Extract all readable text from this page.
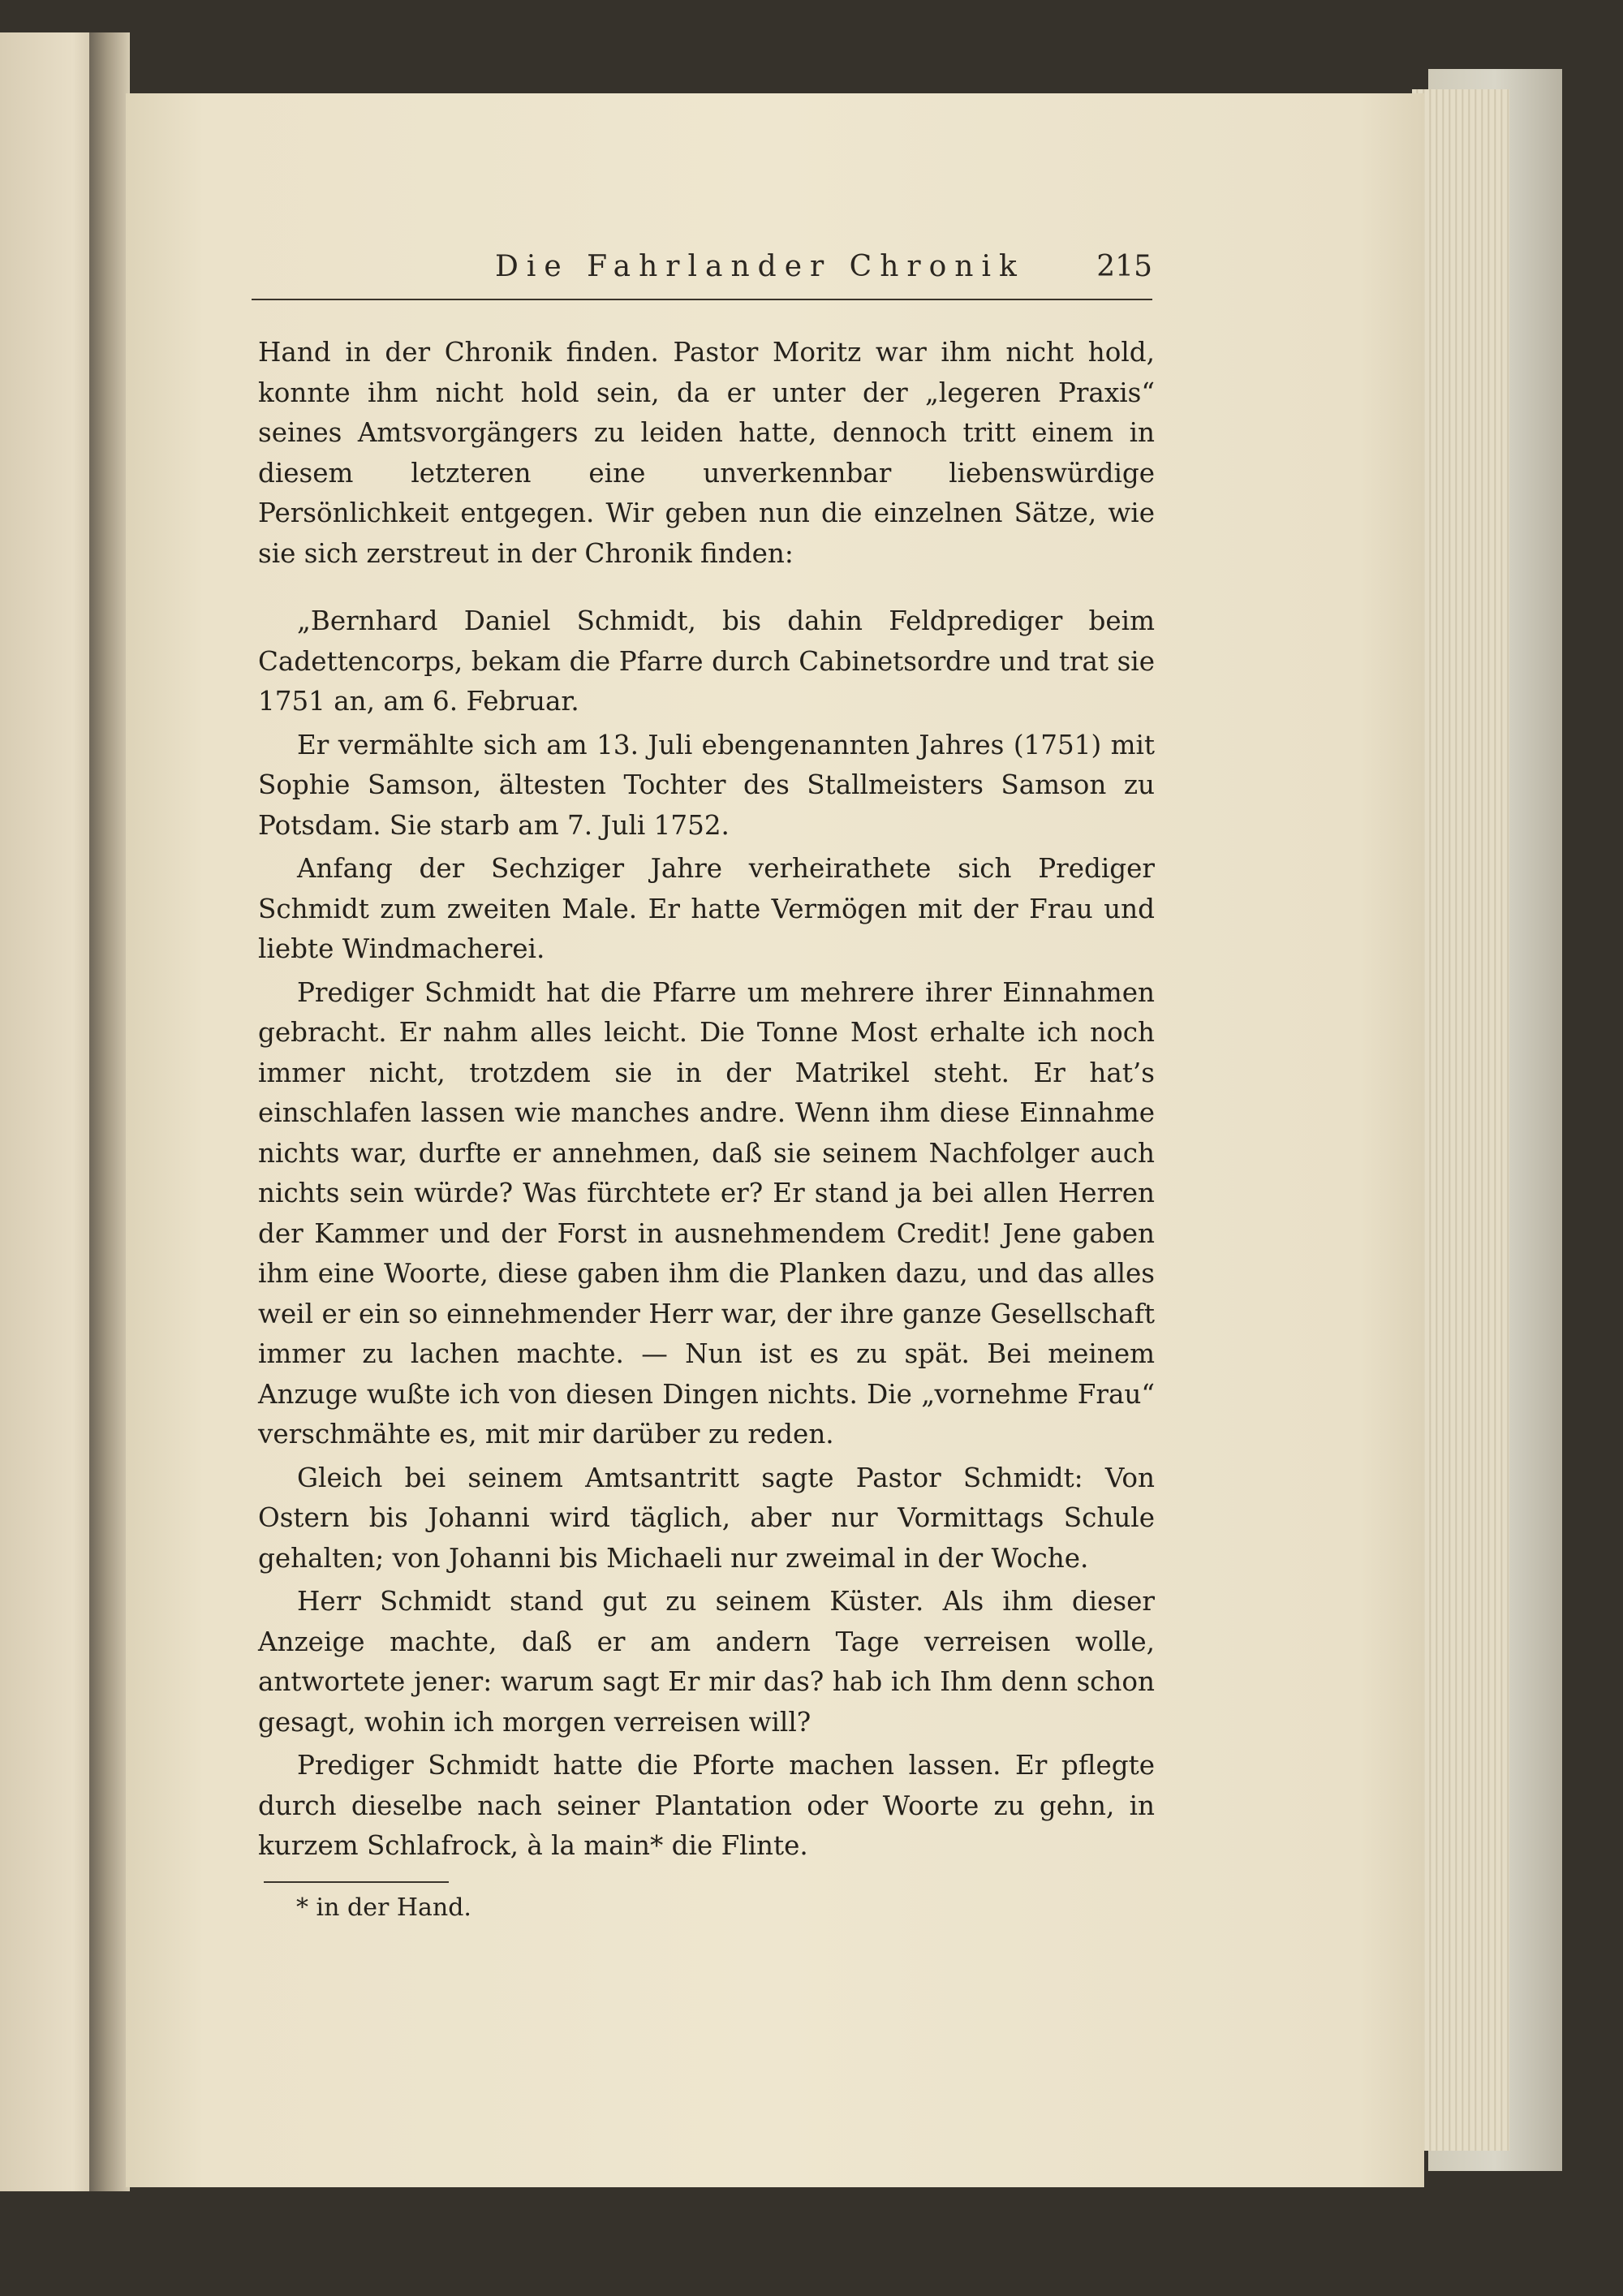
Die Fahrlander Chronik 215

Hand in der Chronik finden. Pastor Moritz war ihm nicht hold, konnte ihm nicht hold sein, da er unter der „legeren Praxis“ seines Amtsvorgängers zu leiden hatte, dennoch tritt einem in diesem letzteren eine unverkennbar liebenswürdige Persönlichkeit entgegen. Wir geben nun die einzelnen Sätze, wie sie sich zerstreut in der Chronik finden:

„Bernhard Daniel Schmidt, bis dahin Feldprediger beim Cadettencorps, bekam die Pfarre durch Cabinetsordre und trat sie 1751 an, am 6. Februar.

Er vermählte sich am 13. Juli ebengenannten Jahres (1751) mit Sophie Samson, ältesten Tochter des Stallmeisters Samson zu Potsdam. Sie starb am 7. Juli 1752.

Anfang der Sechziger Jahre verheirathete sich Prediger Schmidt zum zweiten Male. Er hatte Vermögen mit der Frau und liebte Windmacherei.

Prediger Schmidt hat die Pfarre um mehrere ihrer Einnahmen gebracht. Er nahm alles leicht. Die Tonne Most erhalte ich noch immer nicht, trotzdem sie in der Matrikel steht. Er hat’s einschlafen lassen wie manches andre. Wenn ihm diese Einnahme nichts war, durfte er annehmen, daß sie seinem Nachfolger auch nichts sein würde? Was fürchtete er? Er stand ja bei allen Herren der Kammer und der Forst in ausnehmendem Credit! Jene gaben ihm eine Woorte, diese gaben ihm die Planken dazu, und das alles weil er ein so einnehmender Herr war, der ihre ganze Gesellschaft immer zu lachen machte. — Nun ist es zu spät. Bei meinem Anzuge wußte ich von diesen Dingen nichts. Die „vornehme Frau“ verschmähte es, mit mir darüber zu reden.

Gleich bei seinem Amtsantritt sagte Pastor Schmidt: Von Ostern bis Johanni wird täglich, aber nur Vormittags Schule gehalten; von Johanni bis Michaeli nur zweimal in der Woche.

Herr Schmidt stand gut zu seinem Küster. Als ihm dieser Anzeige machte, daß er am andern Tage verreisen wolle, antwortete jener: warum sagt Er mir das? hab ich Ihm denn schon gesagt, wohin ich morgen verreisen will?

Prediger Schmidt hatte die Pforte machen lassen. Er pflegte durch dieselbe nach seiner Plantation oder Woorte zu gehn, in kurzem Schlafrock, à la main* die Flinte.

* in der Hand.
